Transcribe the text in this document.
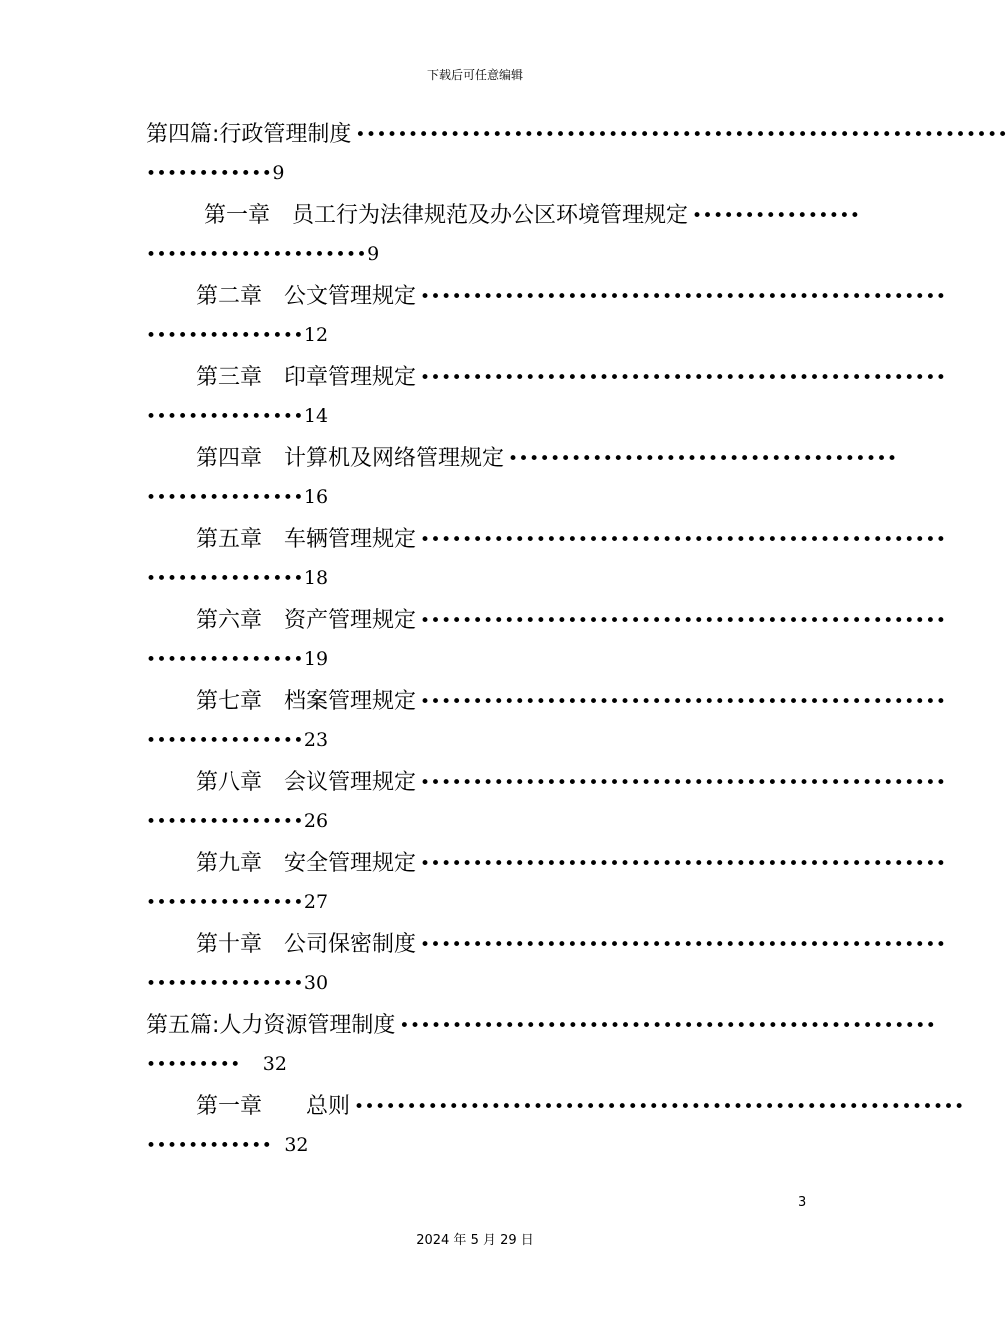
下载后可任意编辑
第四篇:行政管理制度 ••••••••••••••••••••••••••••••••••••••••••••••••••••••••••••••
••••••••••••9
第一章　员工行为法律规范及办公区环境管理规定 ••••••••••••••••
•••••••••••••••••••••9
第二章　公文管理规定 ••••••••••••••••••••••••••••••••••••••••••••••••••
•••••••••••••••12
第三章　印章管理规定 ••••••••••••••••••••••••••••••••••••••••••••••••••
•••••••••••••••14
第四章　计算机及网络管理规定 •••••••••••••••••••••••••••••••••••••
•••••••••••••••16
第五章　车辆管理规定 ••••••••••••••••••••••••••••••••••••••••••••••••••
•••••••••••••••18
第六章　资产管理规定 ••••••••••••••••••••••••••••••••••••••••••••••••••
•••••••••••••••19
第七章　档案管理规定 ••••••••••••••••••••••••••••••••••••••••••••••••••
•••••••••••••••23
第八章　会议管理规定 ••••••••••••••••••••••••••••••••••••••••••••••••••
•••••••••••••••26
第九章　安全管理规定 ••••••••••••••••••••••••••••••••••••••••••••••••••
•••••••••••••••27
第十章　公司保密制度 ••••••••••••••••••••••••••••••••••••••••••••••••••
•••••••••••••••30
第五篇:人力资源管理制度 •••••••••••••••••••••••••••••••••••••••••••••••••••
••••••••• 32
第一章　　总则 ••••••••••••••••••••••••••••••••••••••••••••••••••••••••••
•••••••••••• 32
3
2024 年 5 月 29 日
